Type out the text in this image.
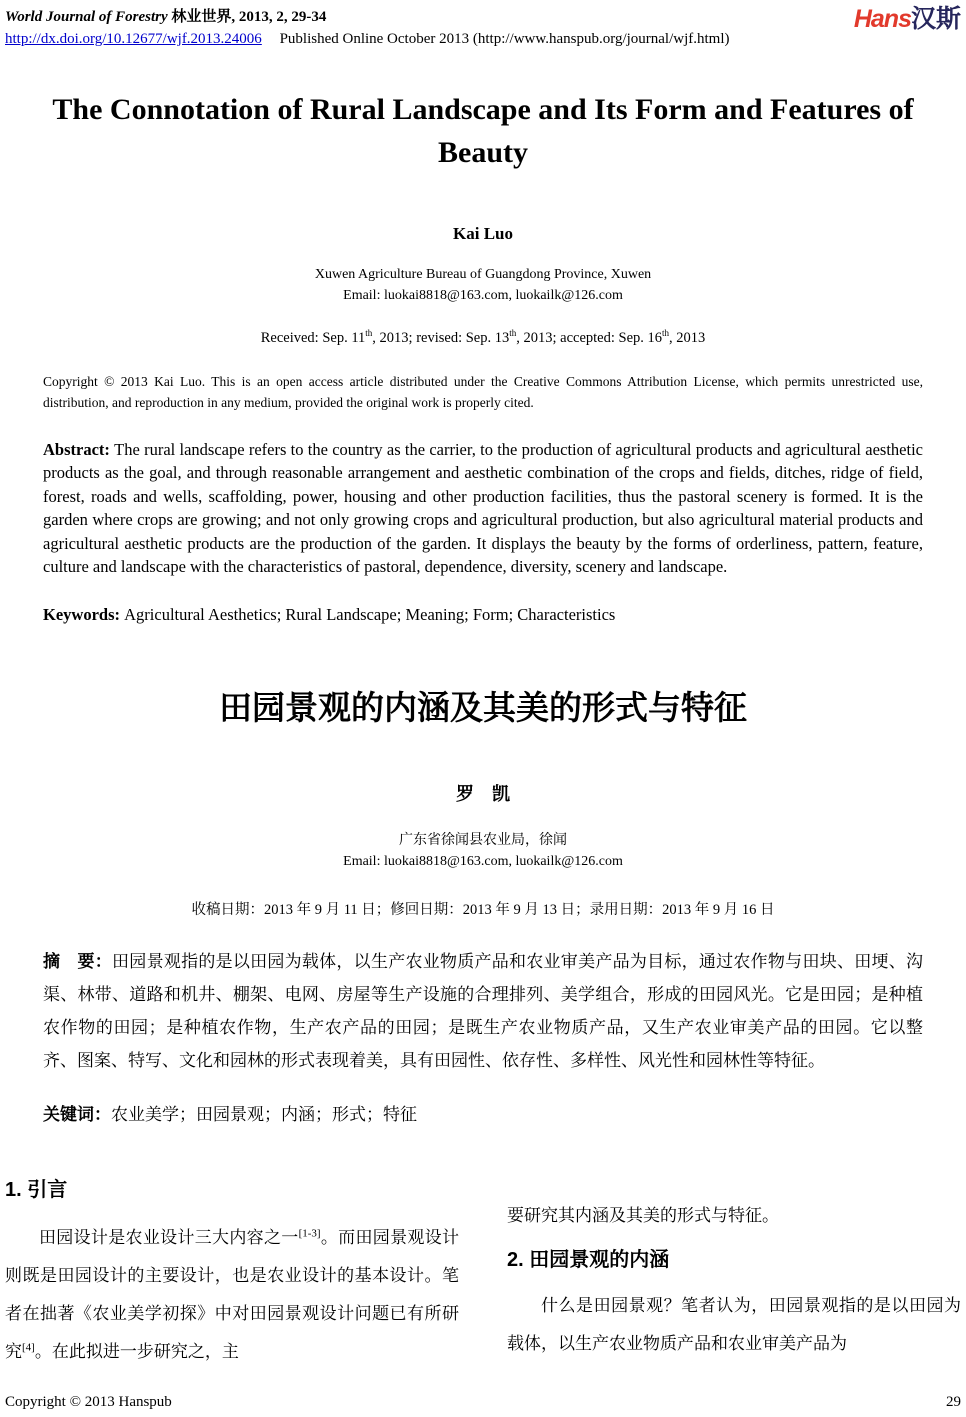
World Journal of Forestry 林业世界, 2013, 2, 29-34
http://dx.doi.org/10.12677/wjf.2013.24006 Published Online October 2013 (http://www.hanspub.org/journal/wjf.html)
Hans汉斯
The Connotation of Rural Landscape and Its Form and Features of Beauty
Kai Luo
Xuwen Agriculture Bureau of Guangdong Province, Xuwen
Email: luokai8818@163.com, luokailk@126.com
Received: Sep. 11th, 2013; revised: Sep. 13th, 2013; accepted: Sep. 16th, 2013
Copyright © 2013 Kai Luo. This is an open access article distributed under the Creative Commons Attribution License, which permits unrestricted use, distribution, and reproduction in any medium, provided the original work is properly cited.
Abstract: The rural landscape refers to the country as the carrier, to the production of agricultural products and agricultural aesthetic products as the goal, and through reasonable arrangement and aesthetic combination of the crops and fields, ditches, ridge of field, forest, roads and wells, scaffolding, power, housing and other production facilities, thus the pastoral scenery is formed. It is the garden where crops are growing; and not only growing crops and agricultural production, but also agricultural material products and agricultural aesthetic products are the production of the garden. It displays the beauty by the forms of orderliness, pattern, feature, culture and landscape with the characteristics of pastoral, dependence, diversity, scenery and landscape.
Keywords: Agricultural Aesthetics; Rural Landscape; Meaning; Form; Characteristics
田园景观的内涵及其美的形式与特征
罗　凯
广东省徐闻县农业局，徐闻
Email: luokai8818@163.com, luokailk@126.com
收稿日期：2013 年 9 月 11 日；修回日期：2013 年 9 月 13 日；录用日期：2013 年 9 月 16 日
摘　要：田园景观指的是以田园为载体，以生产农业物质产品和农业审美产品为目标，通过农作物与田块、田埂、沟渠、林带、道路和机井、棚架、电网、房屋等生产设施的合理排列、美学组合，形成的田园风光。它是田园；是种植农作物的田园；是种植农作物，生产农产品的田园；是既生产农业物质产品，又生产农业审美产品的田园。它以整齐、图案、特写、文化和园林的形式表现着美，具有田园性、依存性、多样性、风光性和园林性等特征。
关键词：农业美学；田园景观；内涵；形式；特征
1. 引言

田园设计是农业设计三大内容之一[1-3]。而田园景观设计则既是田园设计的主要设计，也是农业设计的基本设计。笔者在拙著《农业美学初探》中对田园景观设计问题已有所研究[4]。在此拟进一步研究之，主

要研究其内涵及其美的形式与特征。

2. 田园景观的内涵

什么是田园景观？笔者认为，田园景观指的是以田园为载体，以生产农业物质产品和农业审美产品为

Copyright © 2013 Hanspub	29
